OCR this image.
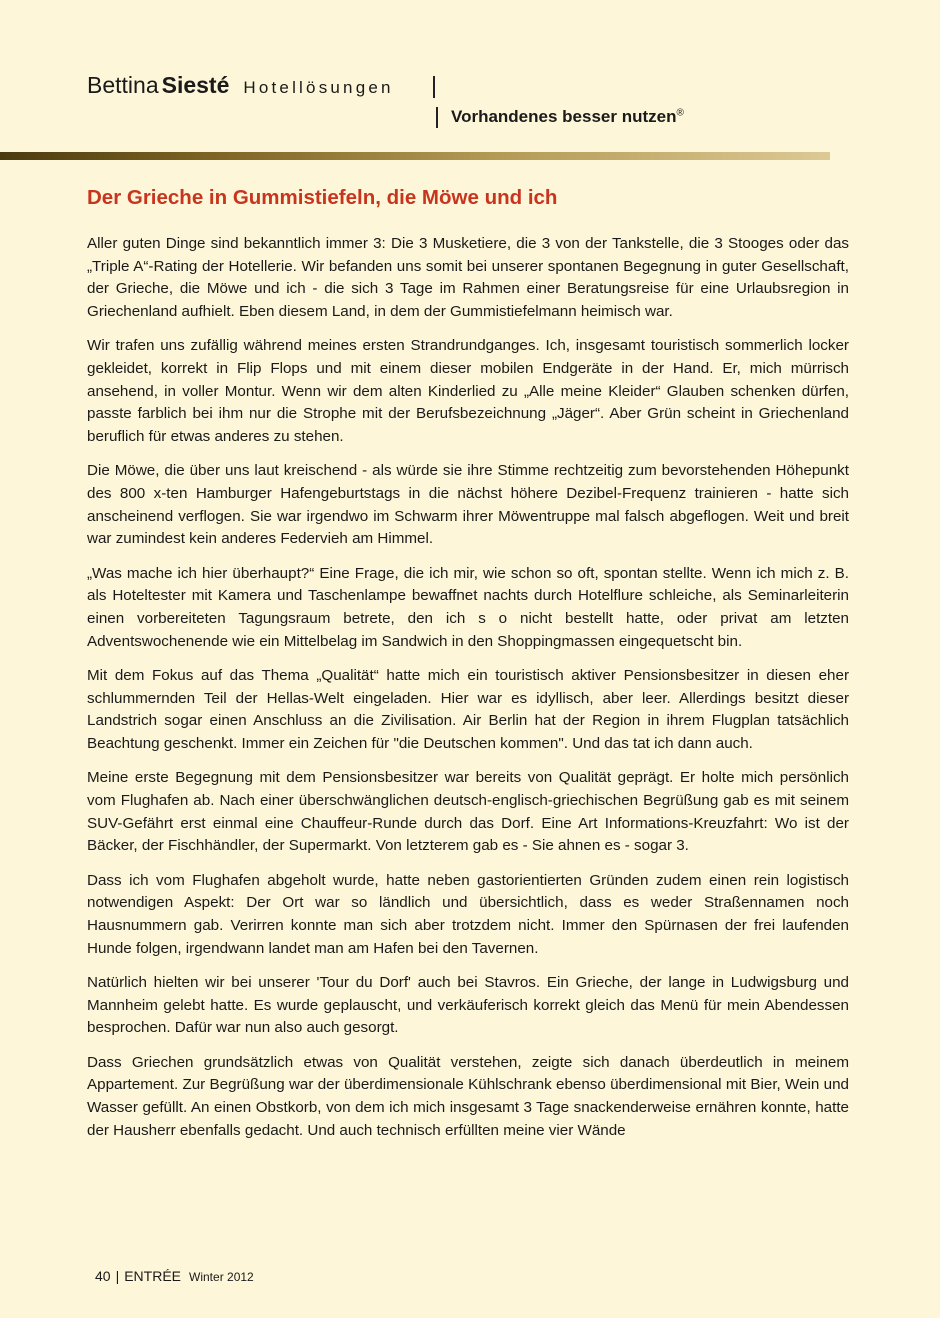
Bettina Siesté Hotellösungen
Vorhandenes besser nutzen®
Der Grieche in Gummistiefeln, die Möwe und ich

Aller guten Dinge sind bekanntlich immer 3: Die 3 Musketiere, die 3 von der Tankstelle, die 3 Stooges oder das „Triple A“-Rating der Hotellerie. Wir befanden uns somit bei unserer spontanen Begegnung in guter Gesellschaft, der Grieche, die Möwe und ich - die sich 3 Tage im Rahmen einer Beratungsreise für eine Urlaubsregion in Griechenland aufhielt. Eben diesem Land, in dem der Gummistiefelmann heimisch war.

Wir trafen uns zufällig während meines ersten Strandrundganges. Ich, insgesamt touristisch sommerlich locker gekleidet, korrekt in Flip Flops und mit einem dieser mobilen Endgeräte in der Hand. Er, mich mürrisch ansehend, in voller Montur. Wenn wir dem alten Kinderlied zu „Alle meine Kleider“ Glauben schenken dürfen, passte farblich bei ihm nur die Strophe mit der Berufsbezeichnung „Jäger“. Aber Grün scheint in Griechenland beruflich für etwas anderes zu stehen.

Die Möwe, die über uns laut kreischend - als würde sie ihre Stimme rechtzeitig zum bevorstehenden Höhepunkt des 800 x-ten Hamburger Hafengeburtstags in die nächst höhere Dezibel-Frequenz trainieren - hatte sich anscheinend verflogen. Sie war irgendwo im Schwarm ihrer Möwentruppe mal falsch abgeflogen. Weit und breit war zumindest kein anderes Federvieh am Himmel.

„Was mache ich hier überhaupt?“ Eine Frage, die ich mir, wie schon so oft, spontan stellte. Wenn ich mich z. B. als Hoteltester mit Kamera und Taschenlampe bewaffnet nachts durch Hotelflure schleiche, als Seminarleiterin einen vorbereiteten Tagungsraum betrete, den ich s o nicht bestellt hatte, oder privat am letzten Adventswochenende wie ein Mittelbelag im Sandwich in den Shoppingmassen eingequetscht bin.

Mit dem Fokus auf das Thema „Qualität“ hatte mich ein touristisch aktiver Pensionsbesitzer in diesen eher schlummernden Teil der Hellas-Welt eingeladen. Hier war es idyllisch, aber leer. Allerdings besitzt dieser Landstrich sogar einen Anschluss an die Zivilisation. Air Berlin hat der Region in ihrem Flugplan tatsächlich Beachtung geschenkt. Immer ein Zeichen für "die Deutschen kommen". Und das tat ich dann auch.

Meine erste Begegnung mit dem Pensionsbesitzer war bereits von Qualität geprägt. Er holte mich persönlich vom Flughafen ab. Nach einer überschwänglichen deutsch-englisch-griechischen Begrüßung gab es mit seinem SUV-Gefährt erst einmal eine Chauffeur-Runde durch das Dorf. Eine Art Informations-Kreuzfahrt: Wo ist der Bäcker, der Fischhändler, der Supermarkt. Von letzterem gab es - Sie ahnen es - sogar 3.

Dass ich vom Flughafen abgeholt wurde, hatte neben gastorientierten Gründen zudem einen rein logistisch notwendigen Aspekt: Der Ort war so ländlich und übersichtlich, dass es weder Straßennamen noch Hausnummern gab. Verirren konnte man sich aber trotzdem nicht. Immer den Spürnasen der frei laufenden Hunde folgen, irgendwann landet man am Hafen bei den Tavernen.

Natürlich hielten wir bei unserer 'Tour du Dorf' auch bei Stavros. Ein Grieche, der lange in Ludwigsburg und Mannheim gelebt hatte. Es wurde geplauscht, und verkäuferisch korrekt gleich das Menü für mein Abendessen besprochen. Dafür war nun also auch gesorgt.

Dass Griechen grundsätzlich etwas von Qualität verstehen, zeigte sich danach überdeutlich in meinem Appartement. Zur Begrüßung war der überdimensionale Kühlschrank ebenso überdimensional mit Bier, Wein und Wasser gefüllt. An einen Obstkorb, von dem ich mich insgesamt 3 Tage snackenderweise ernähren konnte, hatte der Hausherr ebenfalls gedacht. Und auch technisch erfüllten meine vier Wände

40 | ENTRÉE Winter 2012
